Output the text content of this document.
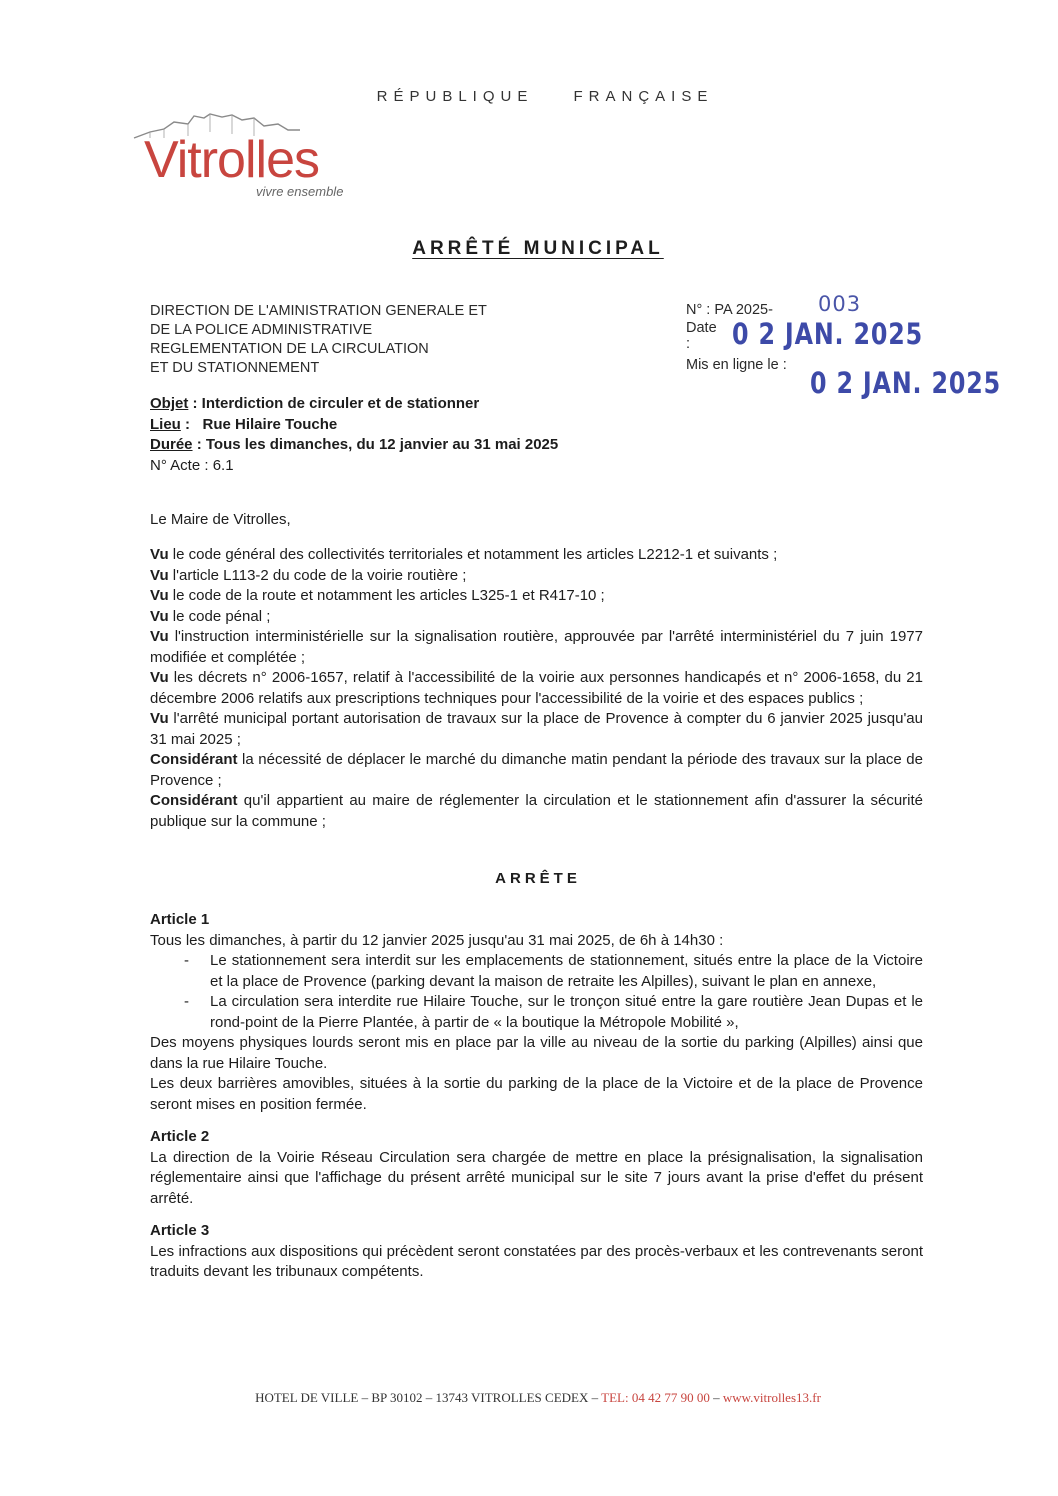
RÉPUBLIQUE FRANÇAISE
Vitrolles
vivre ensemble
ARRÊTÉ MUNICIPAL
DIRECTION DE L'AMINISTRATION GENERALE ET
DE LA POLICE ADMINISTRATIVE
REGLEMENTATION DE LA CIRCULATION
ET DU STATIONNEMENT
N° : PA 2025- 003
Date :	0 2 JAN. 2025
Mis en ligne le :
0 2 JAN. 2025
Objet : Interdiction de circuler et de stationner
Lieu :   Rue Hilaire Touche
Durée : Tous les dimanches, du 12 janvier au 31 mai 2025
N° Acte : 6.1
Le Maire de Vitrolles,

Vu le code général des collectivités territoriales et notamment les articles L2212-1 et suivants ;

Vu l'article L113-2 du code de la voirie routière ;

Vu le code de la route et notamment les articles L325-1 et R417-10 ;

Vu le code pénal ;

Vu l'instruction interministérielle sur la signalisation routière, approuvée par l'arrêté interministériel du 7 juin 1977 modifiée et complétée ;

Vu les décrets n° 2006-1657, relatif à l'accessibilité de la voirie aux personnes handicapés et n° 2006-1658, du 21 décembre 2006 relatifs aux prescriptions techniques pour l'accessibilité de la voirie et des espaces publics ;

Vu l'arrêté municipal portant autorisation de travaux sur la place de Provence à compter du 6 janvier 2025 jusqu'au 31 mai 2025 ;

Considérant la nécessité de déplacer le marché du dimanche matin pendant la période des travaux sur la place de Provence ;

Considérant qu'il appartient au maire de réglementer la circulation et le stationnement afin d'assurer la sécurité publique sur la commune ;

ARRÊTE

Article 1

Tous les dimanches, à partir du 12 janvier 2025 jusqu'au 31 mai 2025, de 6h à 14h30 :

- Le stationnement sera interdit sur les emplacements de stationnement, situés entre la place de la Victoire et la place de Provence (parking devant la maison de retraite les Alpilles), suivant le plan en annexe,
- La circulation sera interdite rue Hilaire Touche, sur le tronçon situé entre la gare routière Jean Dupas et le rond-point de la Pierre Plantée, à partir de « la boutique la Métropole Mobilité »,

Des moyens physiques lourds seront mis en place par la ville au niveau de la sortie du parking (Alpilles) ainsi que dans la rue Hilaire Touche.

Les deux barrières amovibles, situées à la sortie du parking de la place de la Victoire et de la place de Provence seront mises en position fermée.

Article 2

La direction de la Voirie Réseau Circulation sera chargée de mettre en place la présignalisation, la signalisation réglementaire ainsi que l'affichage du présent arrêté municipal sur le site 7 jours avant la prise d'effet du présent arrêté.

Article 3

Les infractions aux dispositions qui précèdent seront constatées par des procès-verbaux et les contrevenants seront traduits devant les tribunaux compétents.

HOTEL DE VILLE – BP 30102 – 13743 VITROLLES CEDEX – TEL: 04 42 77 90 00 – www.vitrolles13.fr
